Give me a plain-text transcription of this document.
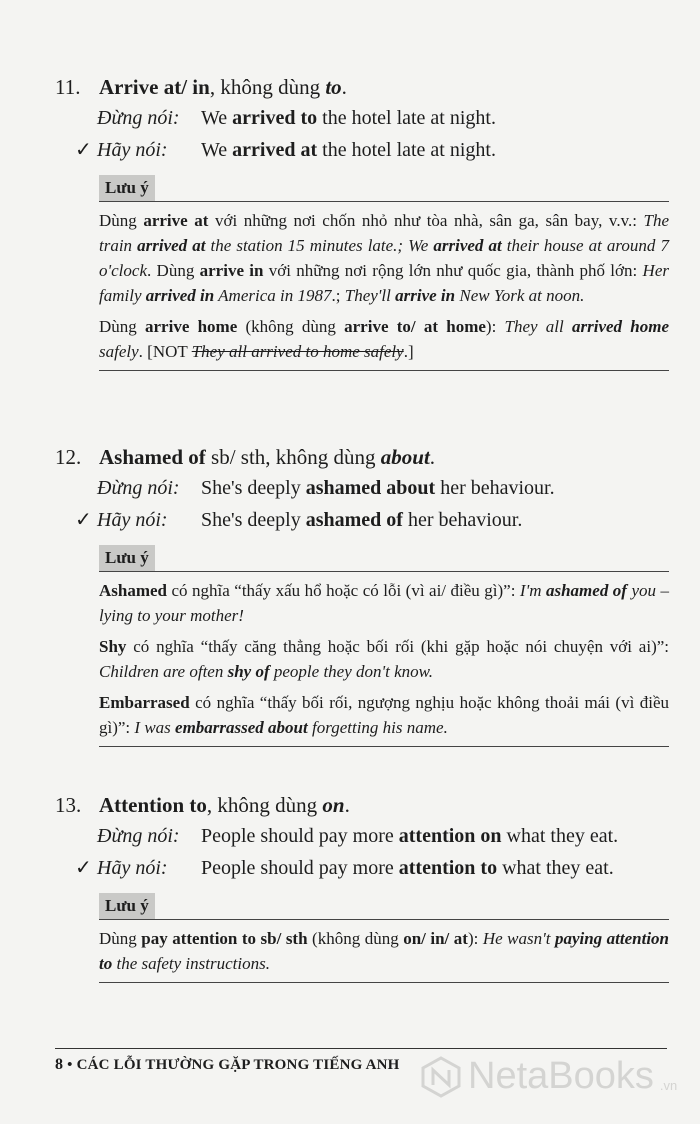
11. Arrive at/ in, không dùng to.
Đừng nói: We arrived to the hotel late at night.
✓ Hãy nói: We arrived at the hotel late at night.
Lưu ý

Dùng arrive at với những nơi chốn nhỏ như tòa nhà, sân ga, sân bay, v.v.: The train arrived at the station 15 minutes late.; We arrived at their house at around 7 o'clock. Dùng arrive in với những nơi rộng lớn như quốc gia, thành phố lớn: Her family arrived in America in 1987.; They'll arrive in New York at noon.

Dùng arrive home (không dùng arrive to/ at home): They all arrived home safely. [NOT They all arrived to home safely.]

12. Ashamed of sb/ sth, không dùng about.
Đừng nói: She's deeply ashamed about her behaviour.
✓ Hãy nói: She's deeply ashamed of her behaviour.
Lưu ý

Ashamed có nghĩa “thấy xấu hổ hoặc có lỗi (vì ai/ điều gì)”: I'm ashamed of you – lying to your mother!

Shy có nghĩa “thấy căng thẳng hoặc bối rối (khi gặp hoặc nói chuyện với ai)”: Children are often shy of people they don't know.

Embarrased có nghĩa “thấy bối rối, ngượng nghịu hoặc không thoải mái (vì điều gì)”: I was embarrassed about forgetting his name.

13. Attention to, không dùng on.
Đừng nói: People should pay more attention on what they eat.
✓ Hãy nói: People should pay more attention to what they eat.
Lưu ý

Dùng pay attention to sb/ sth (không dùng on/ in/ at): He wasn't paying attention to the safety instructions.

8 • CÁC LỖI THƯỜNG GẶP TRONG TIẾNG ANH NetaBooks .vn
